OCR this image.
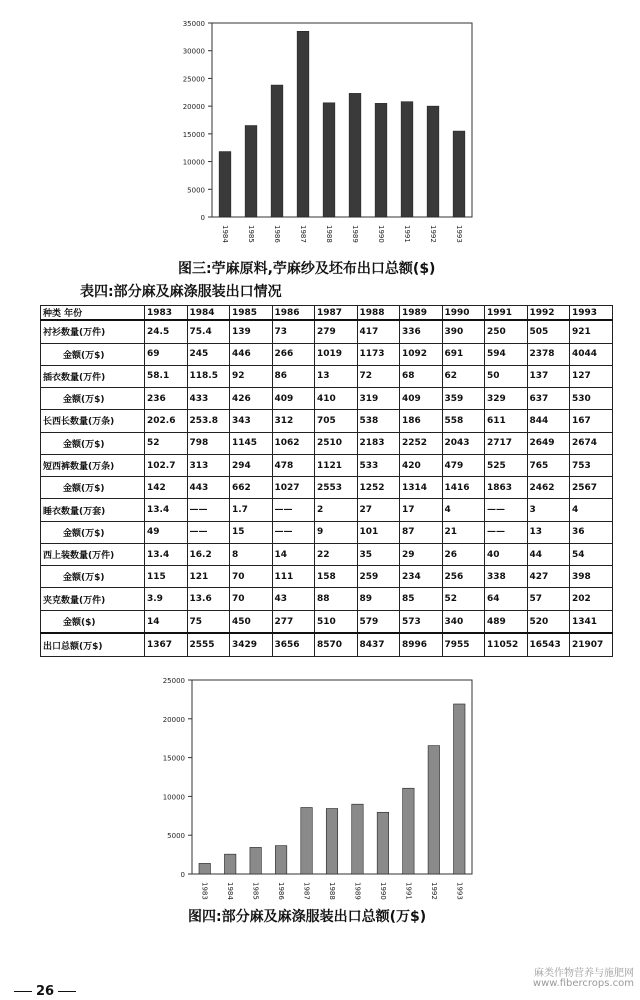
0
5000
10000
15000
20000
25000
30000
35000
1984	1985	1986	1987	1988	1989	1990	1991	1992	1993
图三:苧麻原料,苧麻纱及坯布出口总额($)
表四:部分麻及麻涤服装出口情况
种类 年份	1983	1984	1985	1986	1987	1988	1989	1990	1991	1992	1993
衬衫数量(万件)	24.5	75.4	139	73	279	417	336	390	250	505	921
金额(万$)	69	245	446	266	1019	1173	1092	691	594	2378	4044
插衣数量(万件)	58.1	118.5	92	86	13	72	68	62	50	137	127
金额(万$)	236	433	426	409	410	319	409	359	329	637	530
长西长数量(万条)	202.6	253.8	343	312	705	538	186	558	611	844	167
金额(万$)	52	798	1145	1062	2510	2183	2252	2043	2717	2649	2674
短西裤数量(万条)	102.7	313	294	478	1121	533	420	479	525	765	753
金额(万$)	142	443	662	1027	2553	1252	1314	1416	1863	2462	2567
睡衣数量(万套)	13.4	——	1.7	——	2	27	17	4	——	3	4
金额(万$)	49	——	15	——	9	101	87	21	——	13	36
西上装数量(万件)	13.4	16.2	8	14	22	35	29	26	40	44	54
金额(万$)	115	121	70	111	158	259	234	256	338	427	398
夹克数量(万件)	3.9	13.6	70	43	88	89	85	52	64	57	202
金额($)	14	75	450	277	510	579	573	340	489	520	1341
出口总额(万$)	1367	2555	3429	3656	8570	8437	8996	7955	11052	16543	21907
0
5000
10000
15000
20000
25000
1983 1984 1985 1986 1987 1988 1989 1990 1991 1992 1993
图四:部分麻及麻涤服装出口总额(万$)
26
麻类作物营养与施肥网
www.fibercrops.com
